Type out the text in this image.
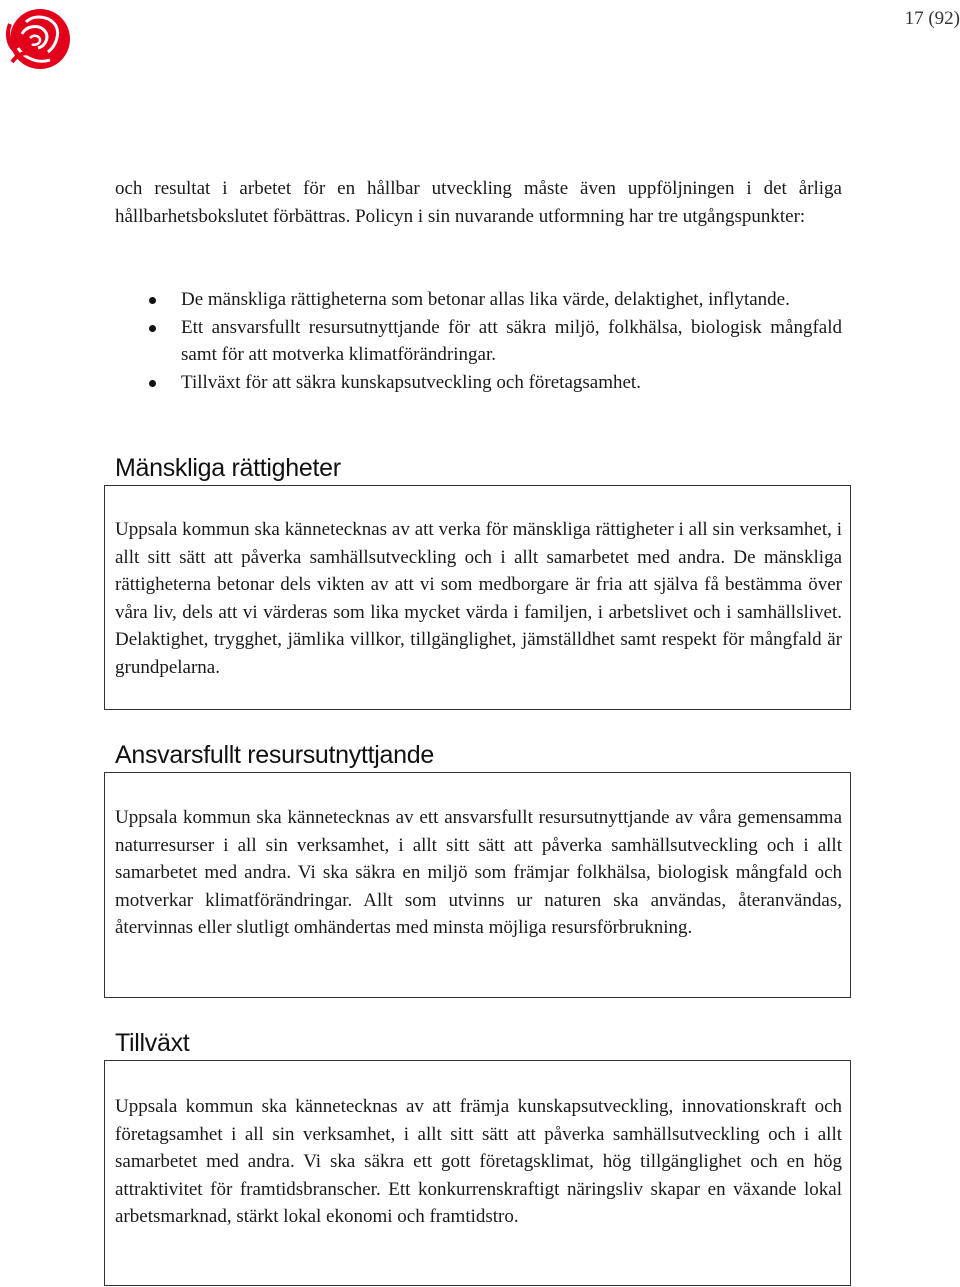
17 (92)

och resultat i arbetet för en hållbar utveckling måste även uppföljningen i det årliga hållbarhetsbokslutet förbättras. Policyn i sin nuvarande utformning har tre utgångspunkter:

De mänskliga rättigheterna som betonar allas lika värde, delaktighet, inflytande.
Ett ansvarsfullt resursutnyttjande för att säkra miljö, folkhälsa, biologisk mångfald samt för att motverka klimatförändringar.
Tillväxt för att säkra kunskapsutveckling och företagsamhet.
Mänskliga rättigheter

Uppsala kommun ska kännetecknas av att verka för mänskliga rättigheter i all sin verksamhet, i allt sitt sätt att påverka samhällsutveckling och i allt samarbetet med andra. De mänskliga rättigheterna betonar dels vikten av att vi som medborgare är fria att själva få bestämma över våra liv, dels att vi värderas som lika mycket värda i familjen, i arbetslivet och i samhällslivet. Delaktighet, trygghet, jämlika villkor, tillgänglighet, jämställdhet samt respekt för mångfald är grundpelarna.

Ansvarsfullt resursutnyttjande

Uppsala kommun ska kännetecknas av ett ansvarsfullt resursutnyttjande av våra gemensamma naturresurser i all sin verksamhet, i allt sitt sätt att påverka samhällsutveckling och i allt samarbetet med andra. Vi ska säkra en miljö som främjar folkhälsa, biologisk mångfald och motverkar klimatförändringar. Allt som utvinns ur naturen ska användas, återanvändas, återvinnas eller slutligt omhändertas med minsta möjliga resursförbrukning.

Tillväxt

Uppsala kommun ska kännetecknas av att främja kunskapsutveckling, innovationskraft och företagsamhet i all sin verksamhet, i allt sitt sätt att påverka samhällsutveckling och i allt samarbetet med andra. Vi ska säkra ett gott företagsklimat, hög tillgänglighet och en hög attraktivitet för framtidsbranscher. Ett konkurrenskraftigt näringsliv skapar en växande lokal arbetsmarknad, stärkt lokal ekonomi och framtidstro.
